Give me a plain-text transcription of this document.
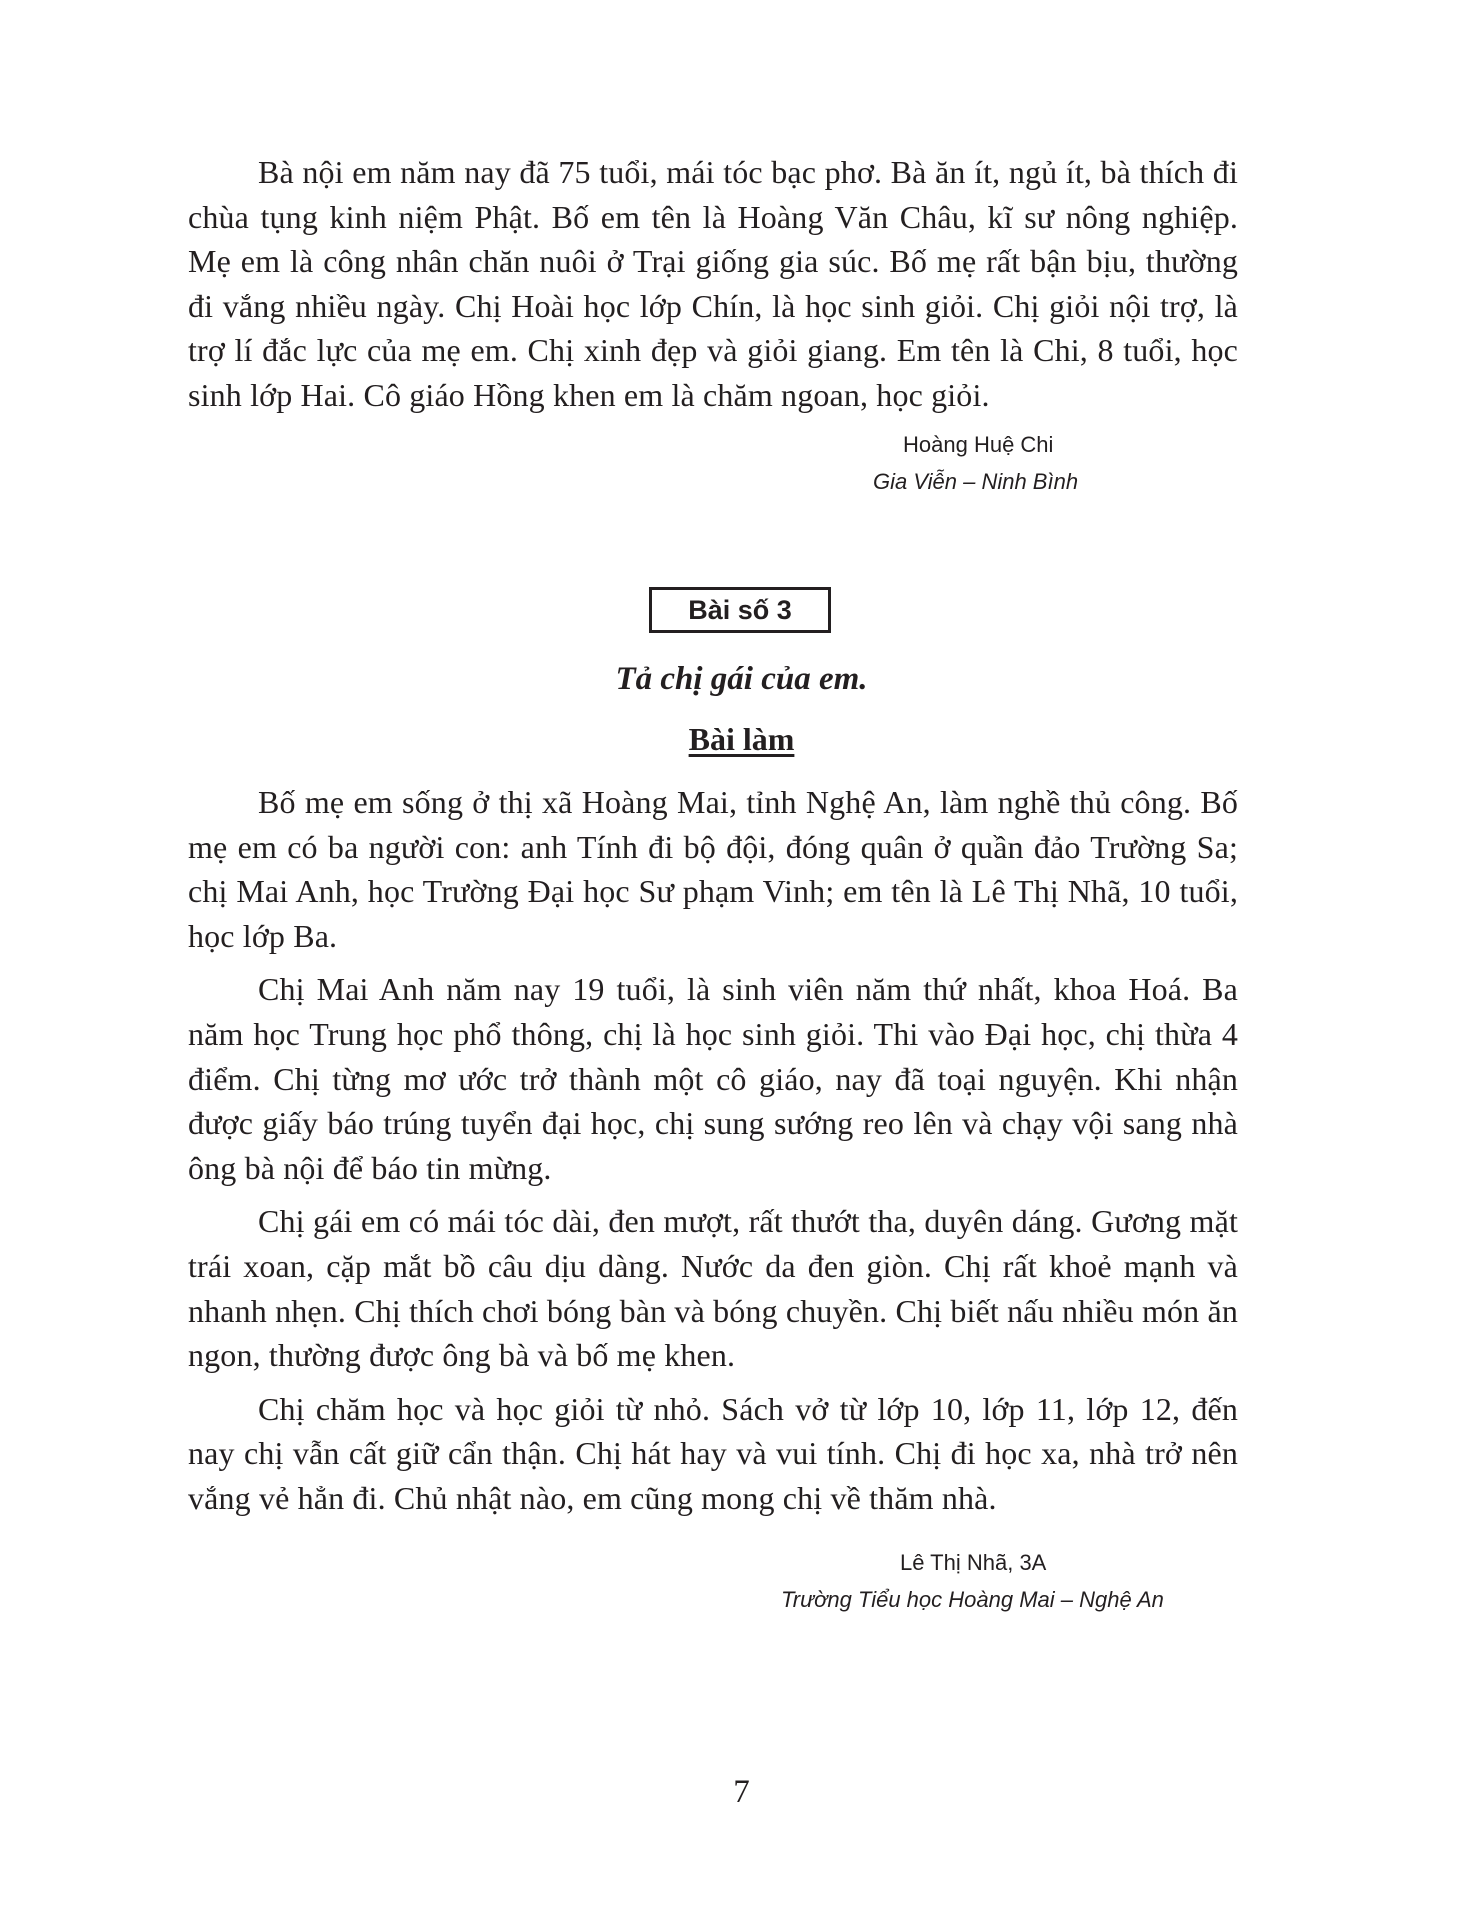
Bà nội em năm nay đã 75 tuổi, mái tóc bạc phơ. Bà ăn ít, ngủ ít, bà thích đi chùa tụng kinh niệm Phật. Bố em tên là Hoàng Văn Châu, kĩ sư nông nghiệp. Mẹ em là công nhân chăn nuôi ở Trại giống gia súc. Bố mẹ rất bận bịu, thường đi vắng nhiều ngày. Chị Hoài học lớp Chín, là học sinh giỏi. Chị giỏi nội trợ, là trợ lí đắc lực của mẹ em. Chị xinh đẹp và giỏi giang. Em tên là Chi, 8 tuổi, học sinh lớp Hai. Cô giáo Hồng khen em là chăm ngoan, học giỏi.

Hoàng Huệ Chi
Gia Viễn – Ninh Bình
Bài số 3
Tả chị gái của em.
Bài làm

Bố mẹ em sống ở thị xã Hoàng Mai, tỉnh Nghệ An, làm nghề thủ công. Bố mẹ em có ba người con: anh Tính đi bộ đội, đóng quân ở quần đảo Trường Sa; chị Mai Anh, học Trường Đại học Sư phạm Vinh; em tên là Lê Thị Nhã, 10 tuổi, học lớp Ba.

Chị Mai Anh năm nay 19 tuổi, là sinh viên năm thứ nhất, khoa Hoá. Ba năm học Trung học phổ thông, chị là học sinh giỏi. Thi vào Đại học, chị thừa 4 điểm. Chị từng mơ ước trở thành một cô giáo, nay đã toại nguyện. Khi nhận được giấy báo trúng tuyển đại học, chị sung sướng reo lên và chạy vội sang nhà ông bà nội để báo tin mừng.

Chị gái em có mái tóc dài, đen mượt, rất thướt tha, duyên dáng. Gương mặt trái xoan, cặp mắt bồ câu dịu dàng. Nước da đen giòn. Chị rất khoẻ mạnh và nhanh nhẹn. Chị thích chơi bóng bàn và bóng chuyền. Chị biết nấu nhiều món ăn ngon, thường được ông bà và bố mẹ khen.

Chị chăm học và học giỏi từ nhỏ. Sách vở từ lớp 10, lớp 11, lớp 12, đến nay chị vẫn cất giữ cẩn thận. Chị hát hay và vui tính. Chị đi học xa, nhà trở nên vắng vẻ hẳn đi. Chủ nhật nào, em cũng mong chị về thăm nhà.

Lê Thị Nhã, 3A
Trường Tiểu học Hoàng Mai – Nghệ An
7
